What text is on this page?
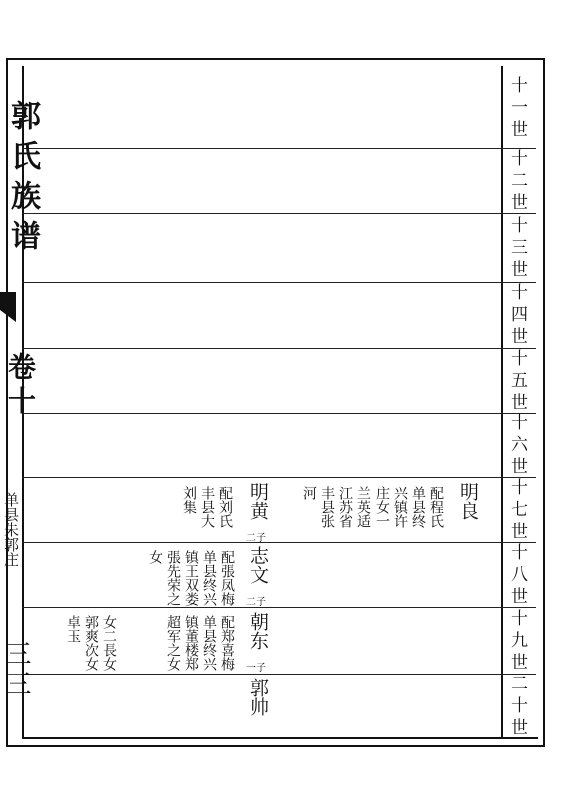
十
一
世
十
二
世
十
三
世
十
四
世
十
五
世
十
六
世
十
七
世
十
八
世
十
九
世
二
十
世
郭氏族谱
卷十
单县朱郭庄
三三
明良
配程氏单县终兴镇许庄女一
兰英适江苏省丰县张河
明黄
二子
配刘氏丰县大刘集
志文
二子
配張凤梅单县终兴镇王双娄張先荣之女
朝东
一子
配郑喜梅单县终兴镇董楼郑超军之女
女二長女郭爽次女卓玉
郭帅
